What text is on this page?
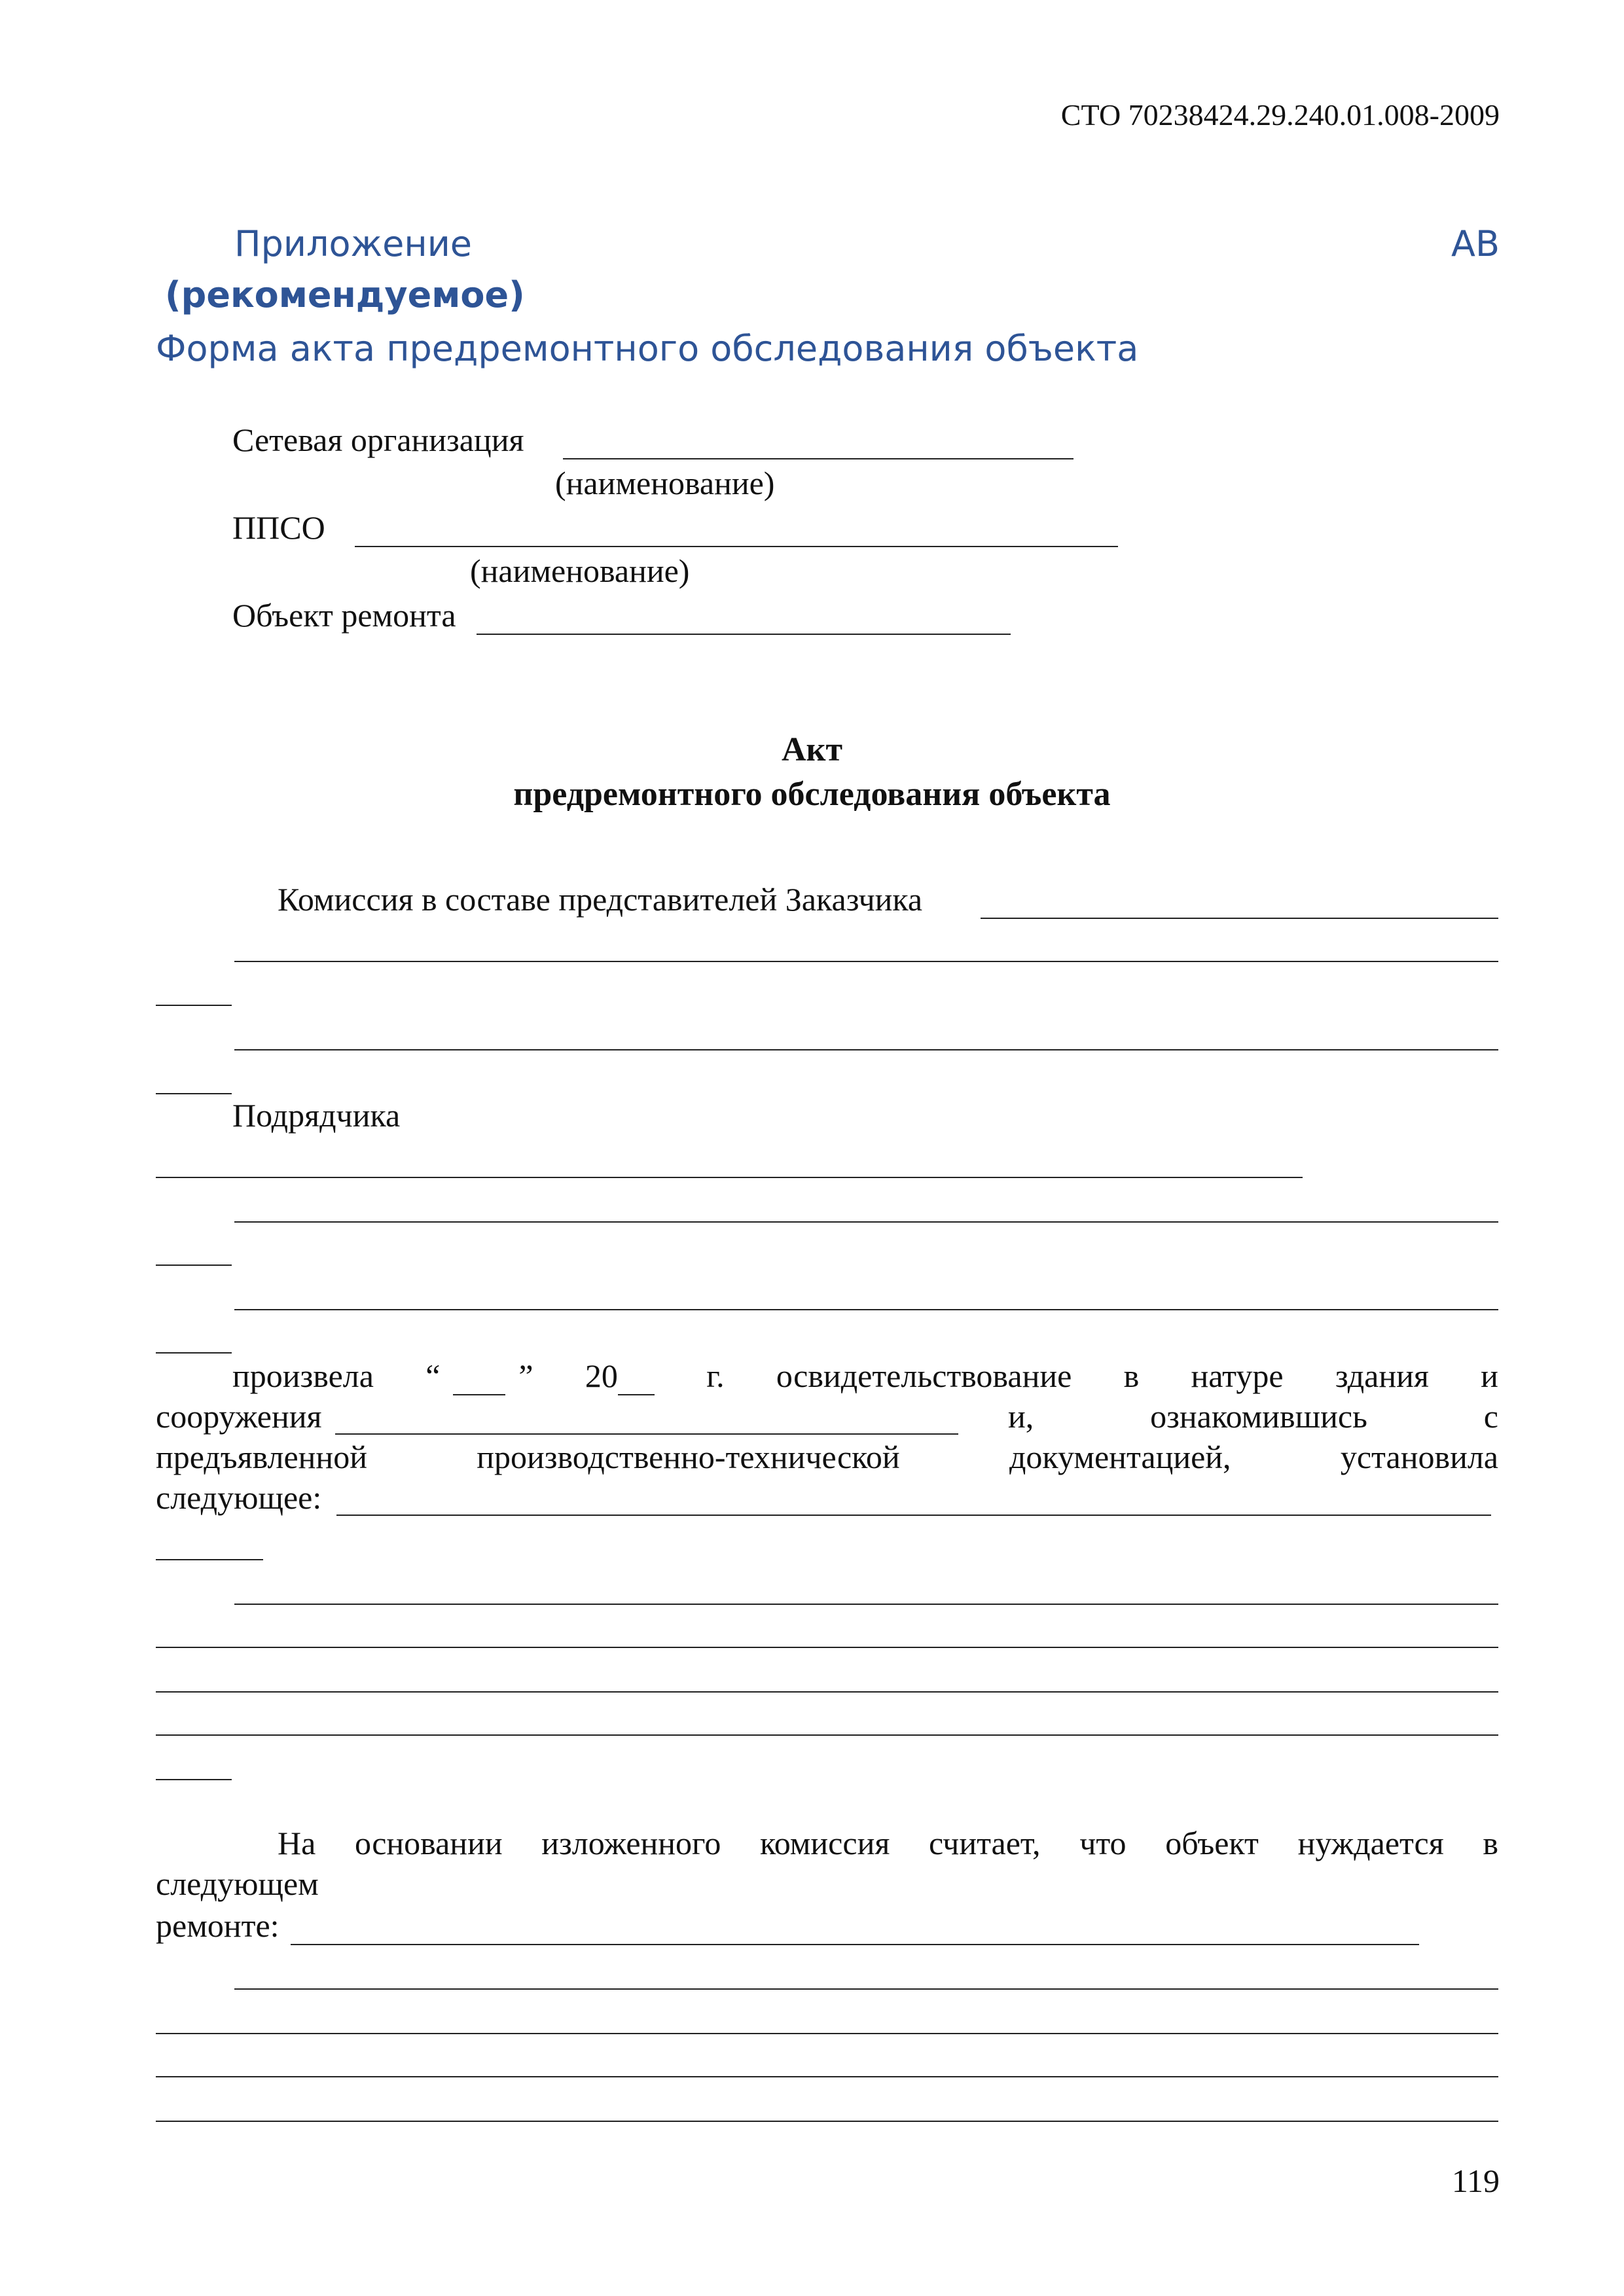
СТО 70238424.29.240.01.008-2009
Приложение	АВ
(рекомендуемое)
Форма акта предремонтного обследования объекта
Сетевая организация
(наименование)
ППСО
(наименование)
Объект ремонта
Акт
предремонтного обследования объекта
Комиссия в составе представителей Заказчика
Подрядчика
произвела “ ” 20	г. освидетельствование в натуре здания и
сооружения	и,	ознакомившись	с
предъявленной	производственно-технической	документацией,	установила
следующее:
На основании изложенного комиссия считает, что объект нуждается в
следующем
ремонте:
119
